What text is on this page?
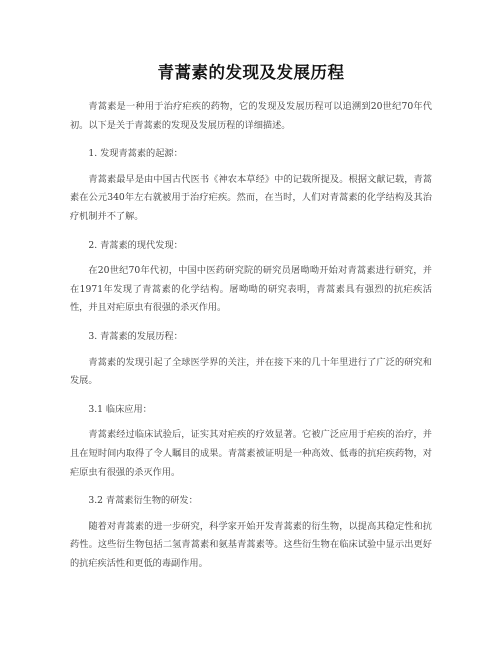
青蒿素的发现及发展历程

青蒿素是一种用于治疗疟疾的药物，它的发现及发展历程可以追溯到20世纪70年代初。以下是关于青蒿素的发现及发展历程的详细描述。

1. 发现青蒿素的起源：

青蒿素最早是由中国古代医书《神农本草经》中的记载所提及。根据文献记载，青蒿素在公元340年左右就被用于治疗疟疾。然而，在当时，人们对青蒿素的化学结构及其治疗机制并不了解。

2. 青蒿素的现代发现：

在20世纪70年代初，中国中医药研究院的研究员屠呦呦开始对青蒿素进行研究，并在1971年发现了青蒿素的化学结构。屠呦呦的研究表明，青蒿素具有强烈的抗疟疾活性，并且对疟原虫有很强的杀灭作用。

3. 青蒿素的发展历程：

青蒿素的发现引起了全球医学界的关注，并在接下来的几十年里进行了广泛的研究和发展。

3.1 临床应用：

青蒿素经过临床试验后，证实其对疟疾的疗效显著。它被广泛应用于疟疾的治疗，并且在短时间内取得了令人瞩目的成果。青蒿素被证明是一种高效、低毒的抗疟疾药物，对疟原虫有很强的杀灭作用。

3.2 青蒿素衍生物的研发：

随着对青蒿素的进一步研究，科学家开始开发青蒿素的衍生物，以提高其稳定性和抗药性。这些衍生物包括二氢青蒿素和氨基青蒿素等。这些衍生物在临床试验中显示出更好的抗疟疾活性和更低的毒副作用。
